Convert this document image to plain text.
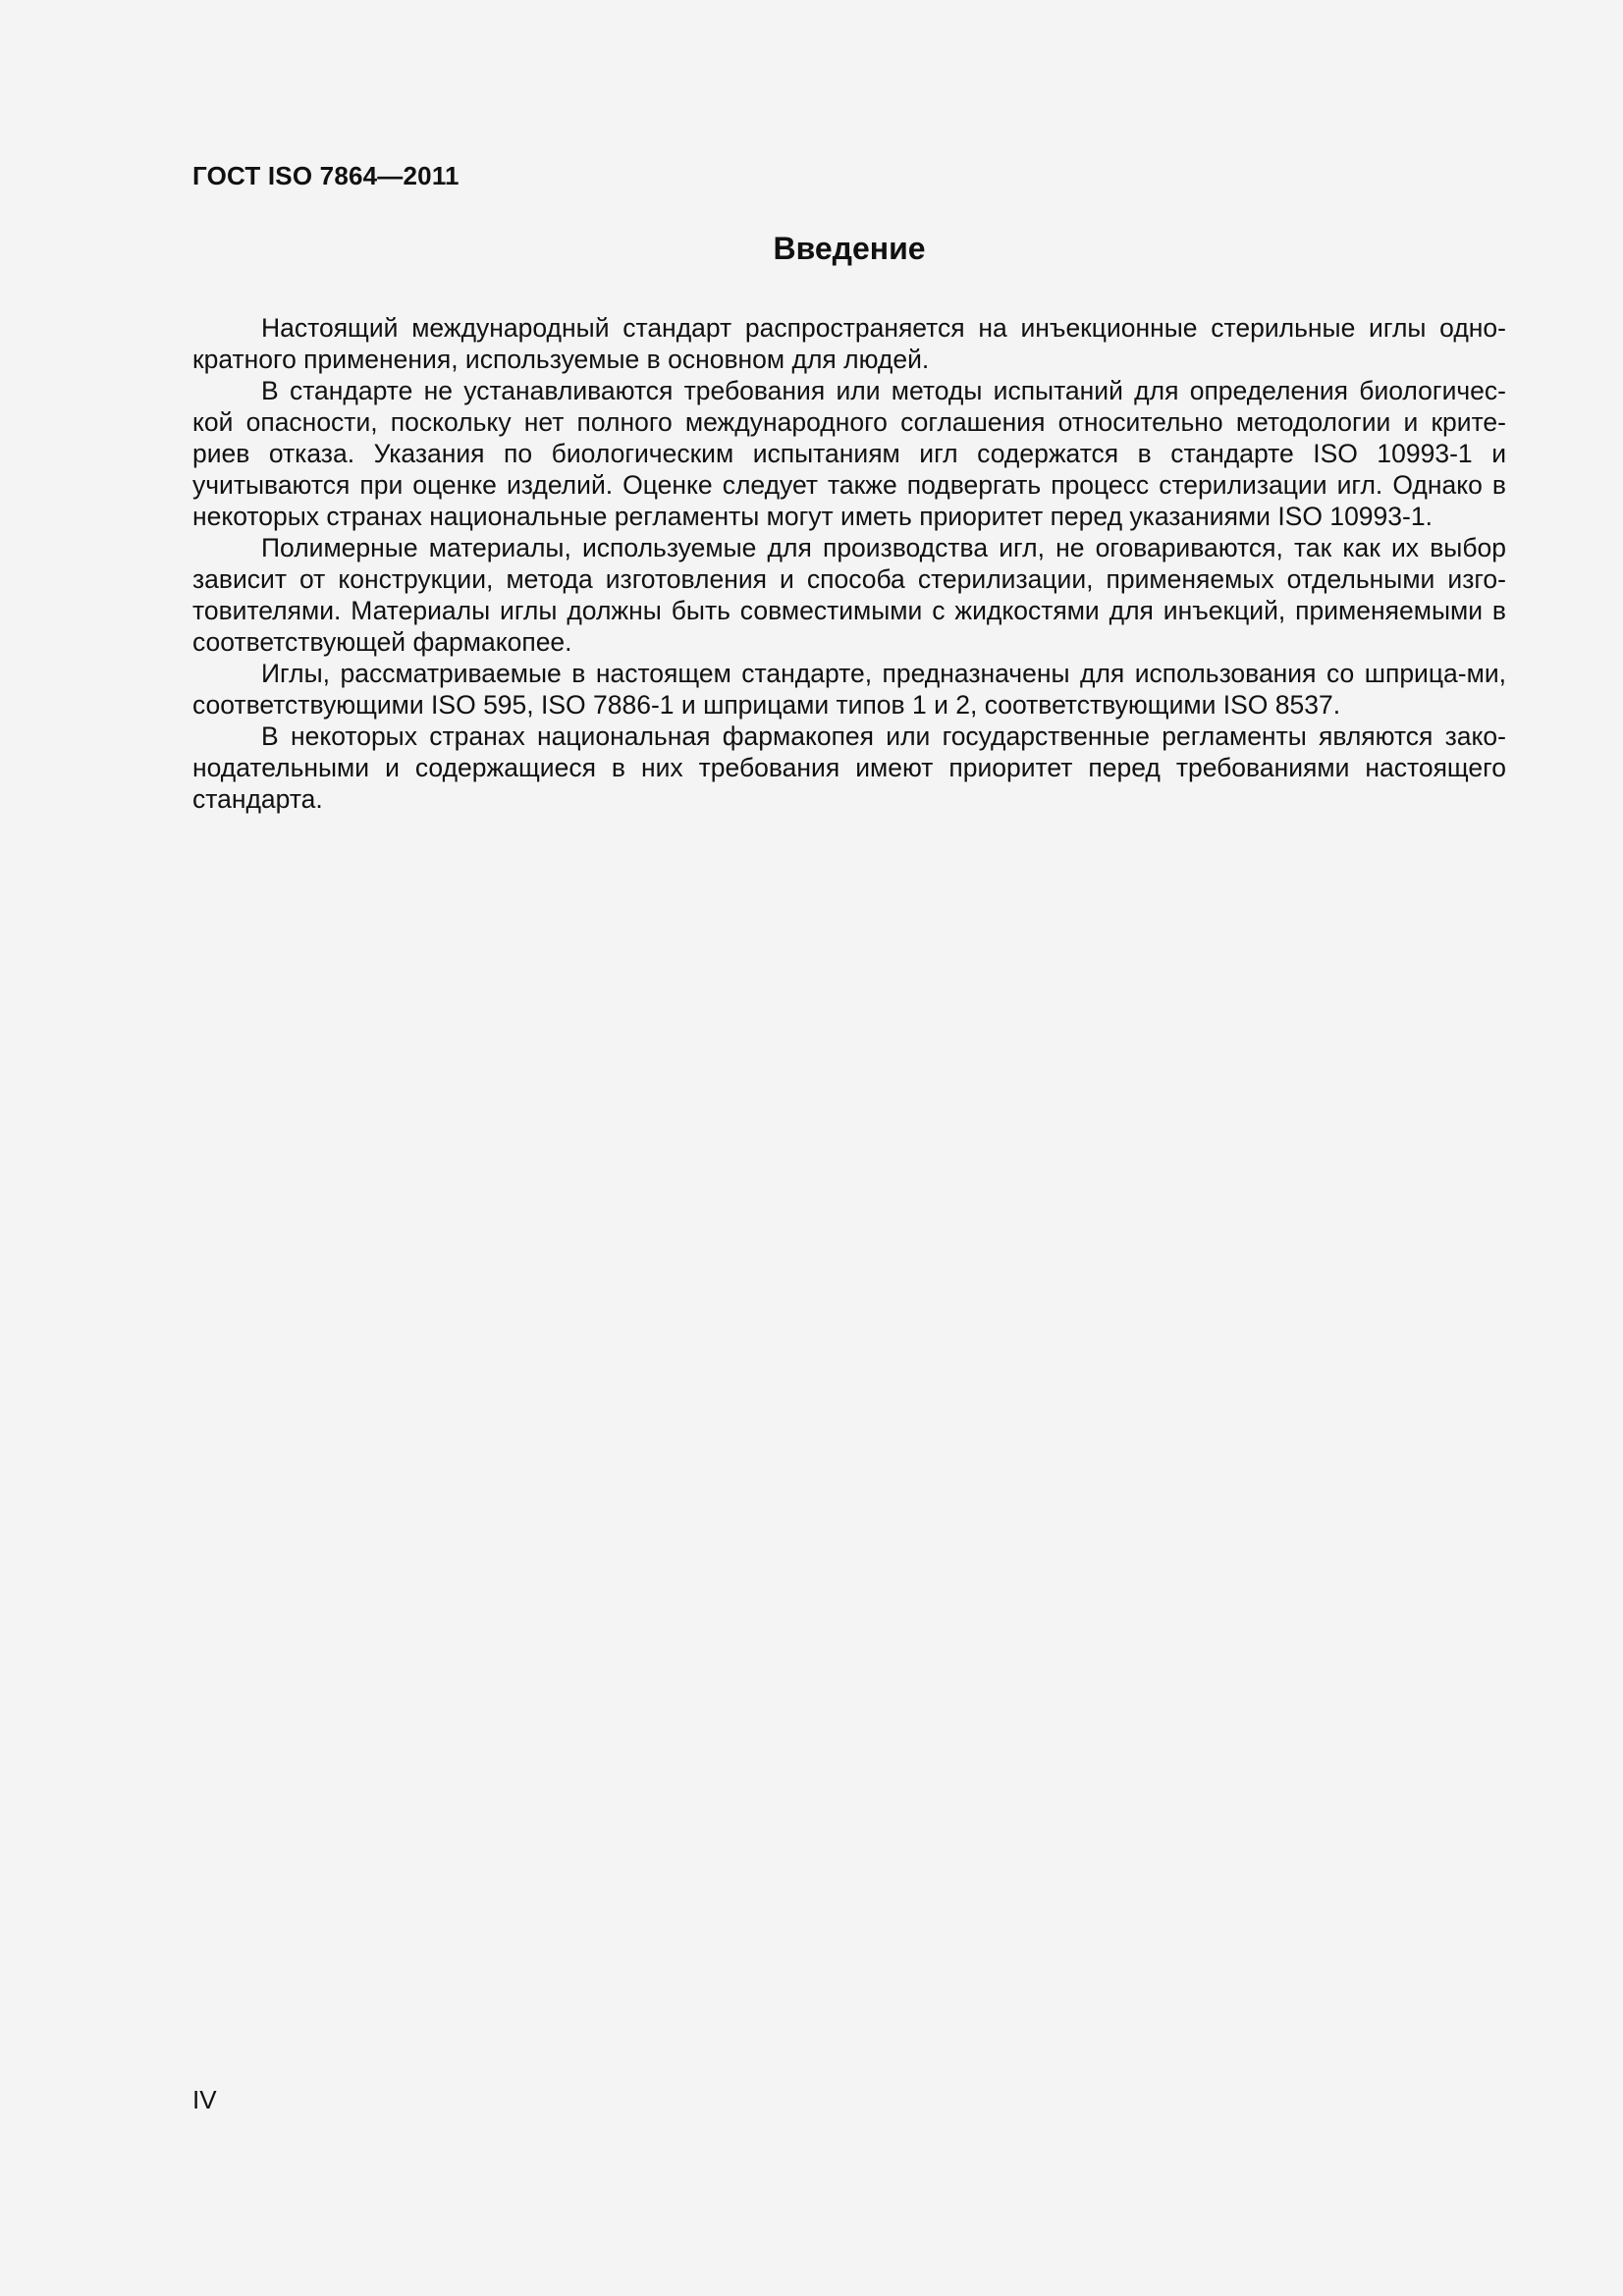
ГОСТ ISO 7864—2011

Введение

Настоящий международный стандарт распространяется на инъекционные стерильные иглы одно-кратного применения, используемые в основном для людей.

В стандарте не устанавливаются требования или методы испытаний для определения биологичес-кой опасности, поскольку нет полного международного соглашения относительно методологии и крите-риев отказа. Указания по биологическим испытаниям игл содержатся в стандарте ISO 10993-1 и учитываются при оценке изделий. Оценке следует также подвергать процесс стерилизации игл. Однако в некоторых странах национальные регламенты могут иметь приоритет перед указаниями ISO 10993-1.

Полимерные материалы, используемые для производства игл, не оговариваются, так как их выбор зависит от конструкции, метода изготовления и способа стерилизации, применяемых отдельными изго-товителями. Материалы иглы должны быть совместимыми с жидкостями для инъекций, применяемыми в соответствующей фармакопее.

Иглы, рассматриваемые в настоящем стандарте, предназначены для использования со шприца-ми, соответствующими ISO 595, ISO 7886-1 и шприцами типов 1 и 2, соответствующими ISO 8537.

В некоторых странах национальная фармакопея или государственные регламенты являются зако-нодательными и содержащиеся в них требования имеют приоритет перед требованиями настоящего стандарта.

IV
